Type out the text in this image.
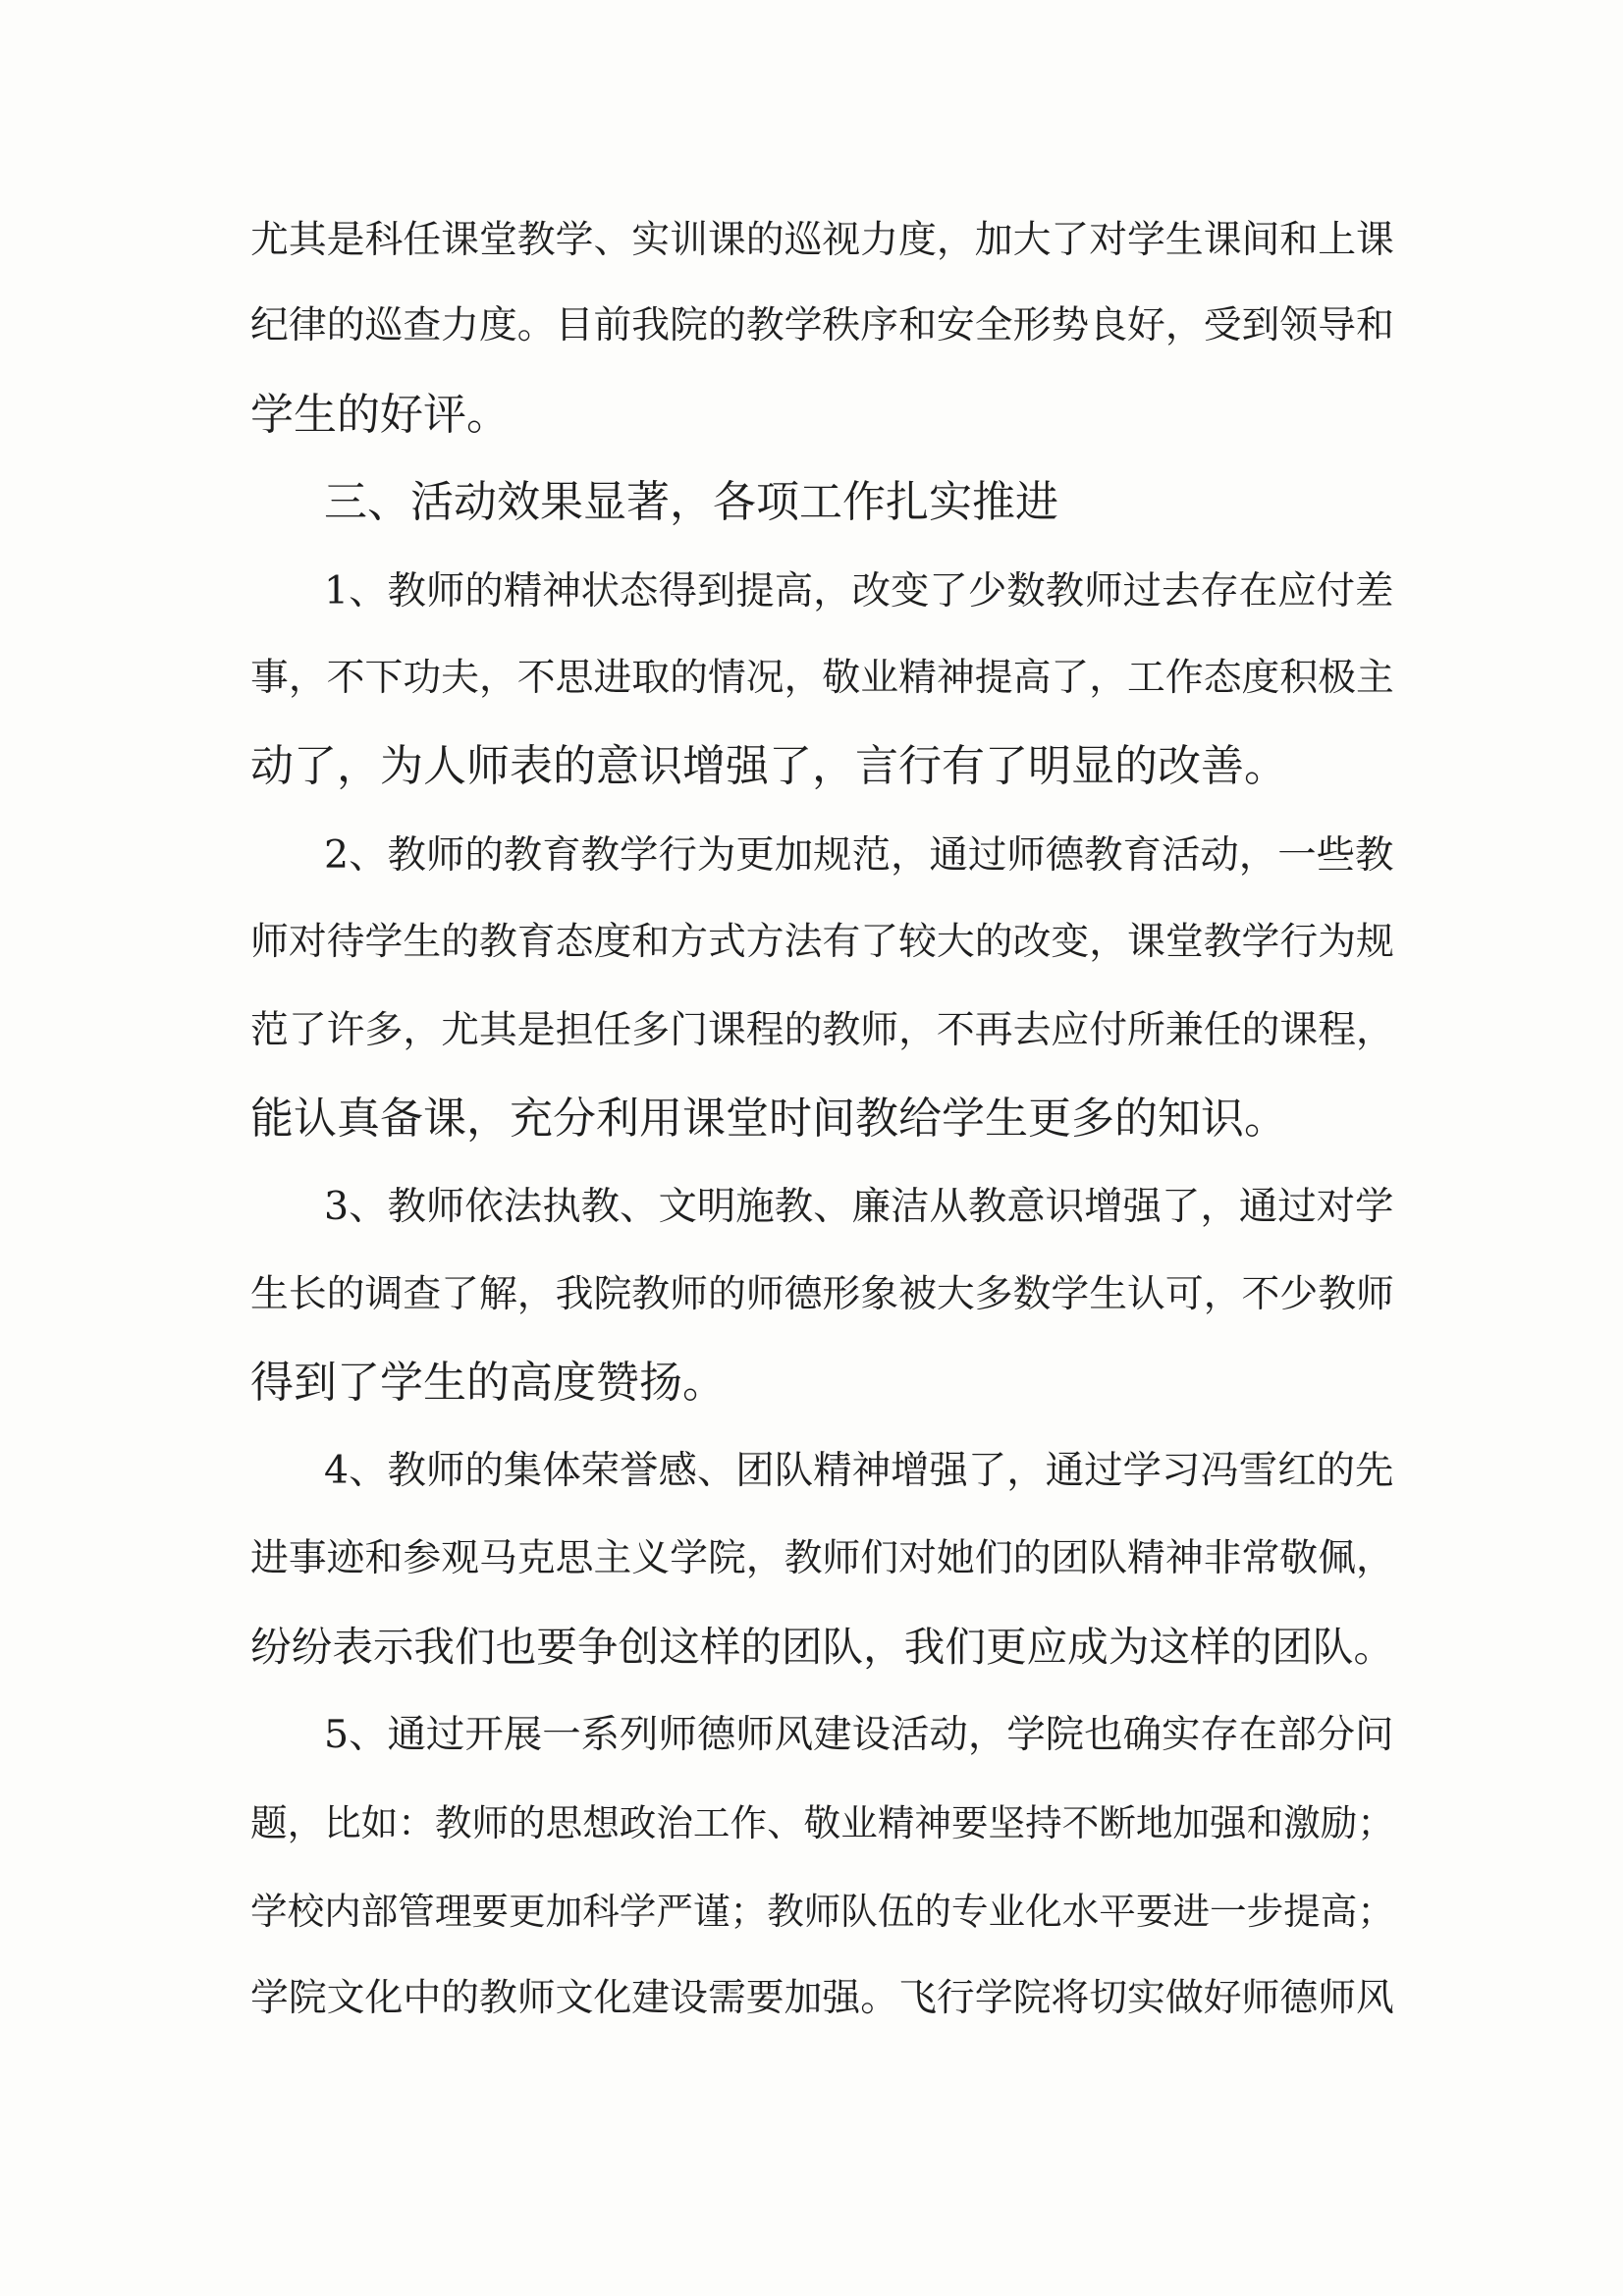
尤其是科任课堂教学、实训课的巡视力度，加大了对学生课间和上课
纪律的巡查力度。目前我院的教学秩序和安全形势良好，受到领导和
学生的好评。
三、活动效果显著，各项工作扎实推进
1、教师的精神状态得到提高，改变了少数教师过去存在应付差
事，不下功夫，不思进取的情况，敬业精神提高了，工作态度积极主
动了，为人师表的意识增强了，言行有了明显的改善。
2、教师的教育教学行为更加规范，通过师德教育活动，一些教
师对待学生的教育态度和方式方法有了较大的改变，课堂教学行为规
范了许多，尤其是担任多门课程的教师，不再去应付所兼任的课程，
能认真备课，充分利用课堂时间教给学生更多的知识。
3、教师依法执教、文明施教、廉洁从教意识增强了，通过对学
生长的调查了解，我院教师的师德形象被大多数学生认可，不少教师
得到了学生的高度赞扬。
4、教师的集体荣誉感、团队精神增强了，通过学习冯雪红的先
进事迹和参观马克思主义学院，教师们对她们的团队精神非常敬佩，
纷纷表示我们也要争创这样的团队，我们更应成为这样的团队。
5、通过开展一系列师德师风建设活动，学院也确实存在部分问
题，比如：教师的思想政治工作、敬业精神要坚持不断地加强和激励；
学校内部管理要更加科学严谨；教师队伍的专业化水平要进一步提高；
学院文化中的教师文化建设需要加强。飞行学院将切实做好师德师风
